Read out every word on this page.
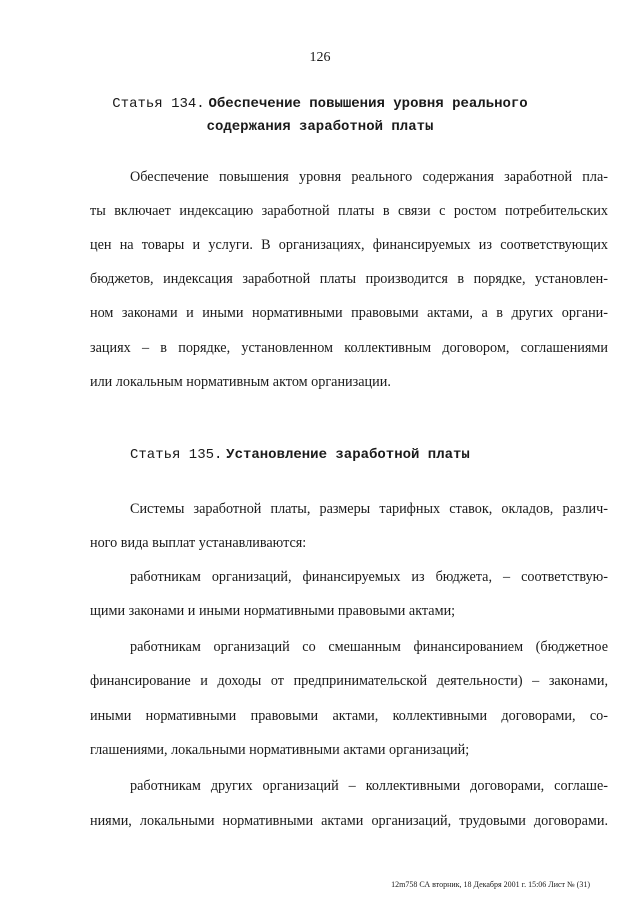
126
Статья 134. Обеспечение повышения уровня реального
содержания заработной платы
Обеспечение повышения уровня реального содержания заработной пла-
ты включает индексацию заработной платы в связи с ростом потребительских
цен на товары и услуги. В организациях, финансируемых из соответствующих
бюджетов, индексация заработной платы производится в порядке, установлен-
ном законами и иными нормативными правовыми актами, а в других органи-
зациях – в порядке, установленном коллективным договором, соглашениями
или локальным нормативным актом организации.
Статья 135. Установление заработной платы
Системы заработной платы, размеры тарифных ставок, окладов, различ-
ного вида выплат устанавливаются:
работникам организаций, финансируемых из бюджета, – соответствую-
щими законами и иными нормативными правовыми актами;
работникам организаций со смешанным финансированием (бюджетное
финансирование и доходы от предпринимательской деятельности) – законами,
иными нормативными правовыми актами, коллективными договорами, со-
глашениями, локальными нормативными актами организаций;
работникам других организаций – коллективными договорами, соглаше-
ниями, локальными нормативными актами организаций, трудовыми договорами.
12m758 СА вторник, 18 Декабря 2001 г. 15:06 Лист № (31)
